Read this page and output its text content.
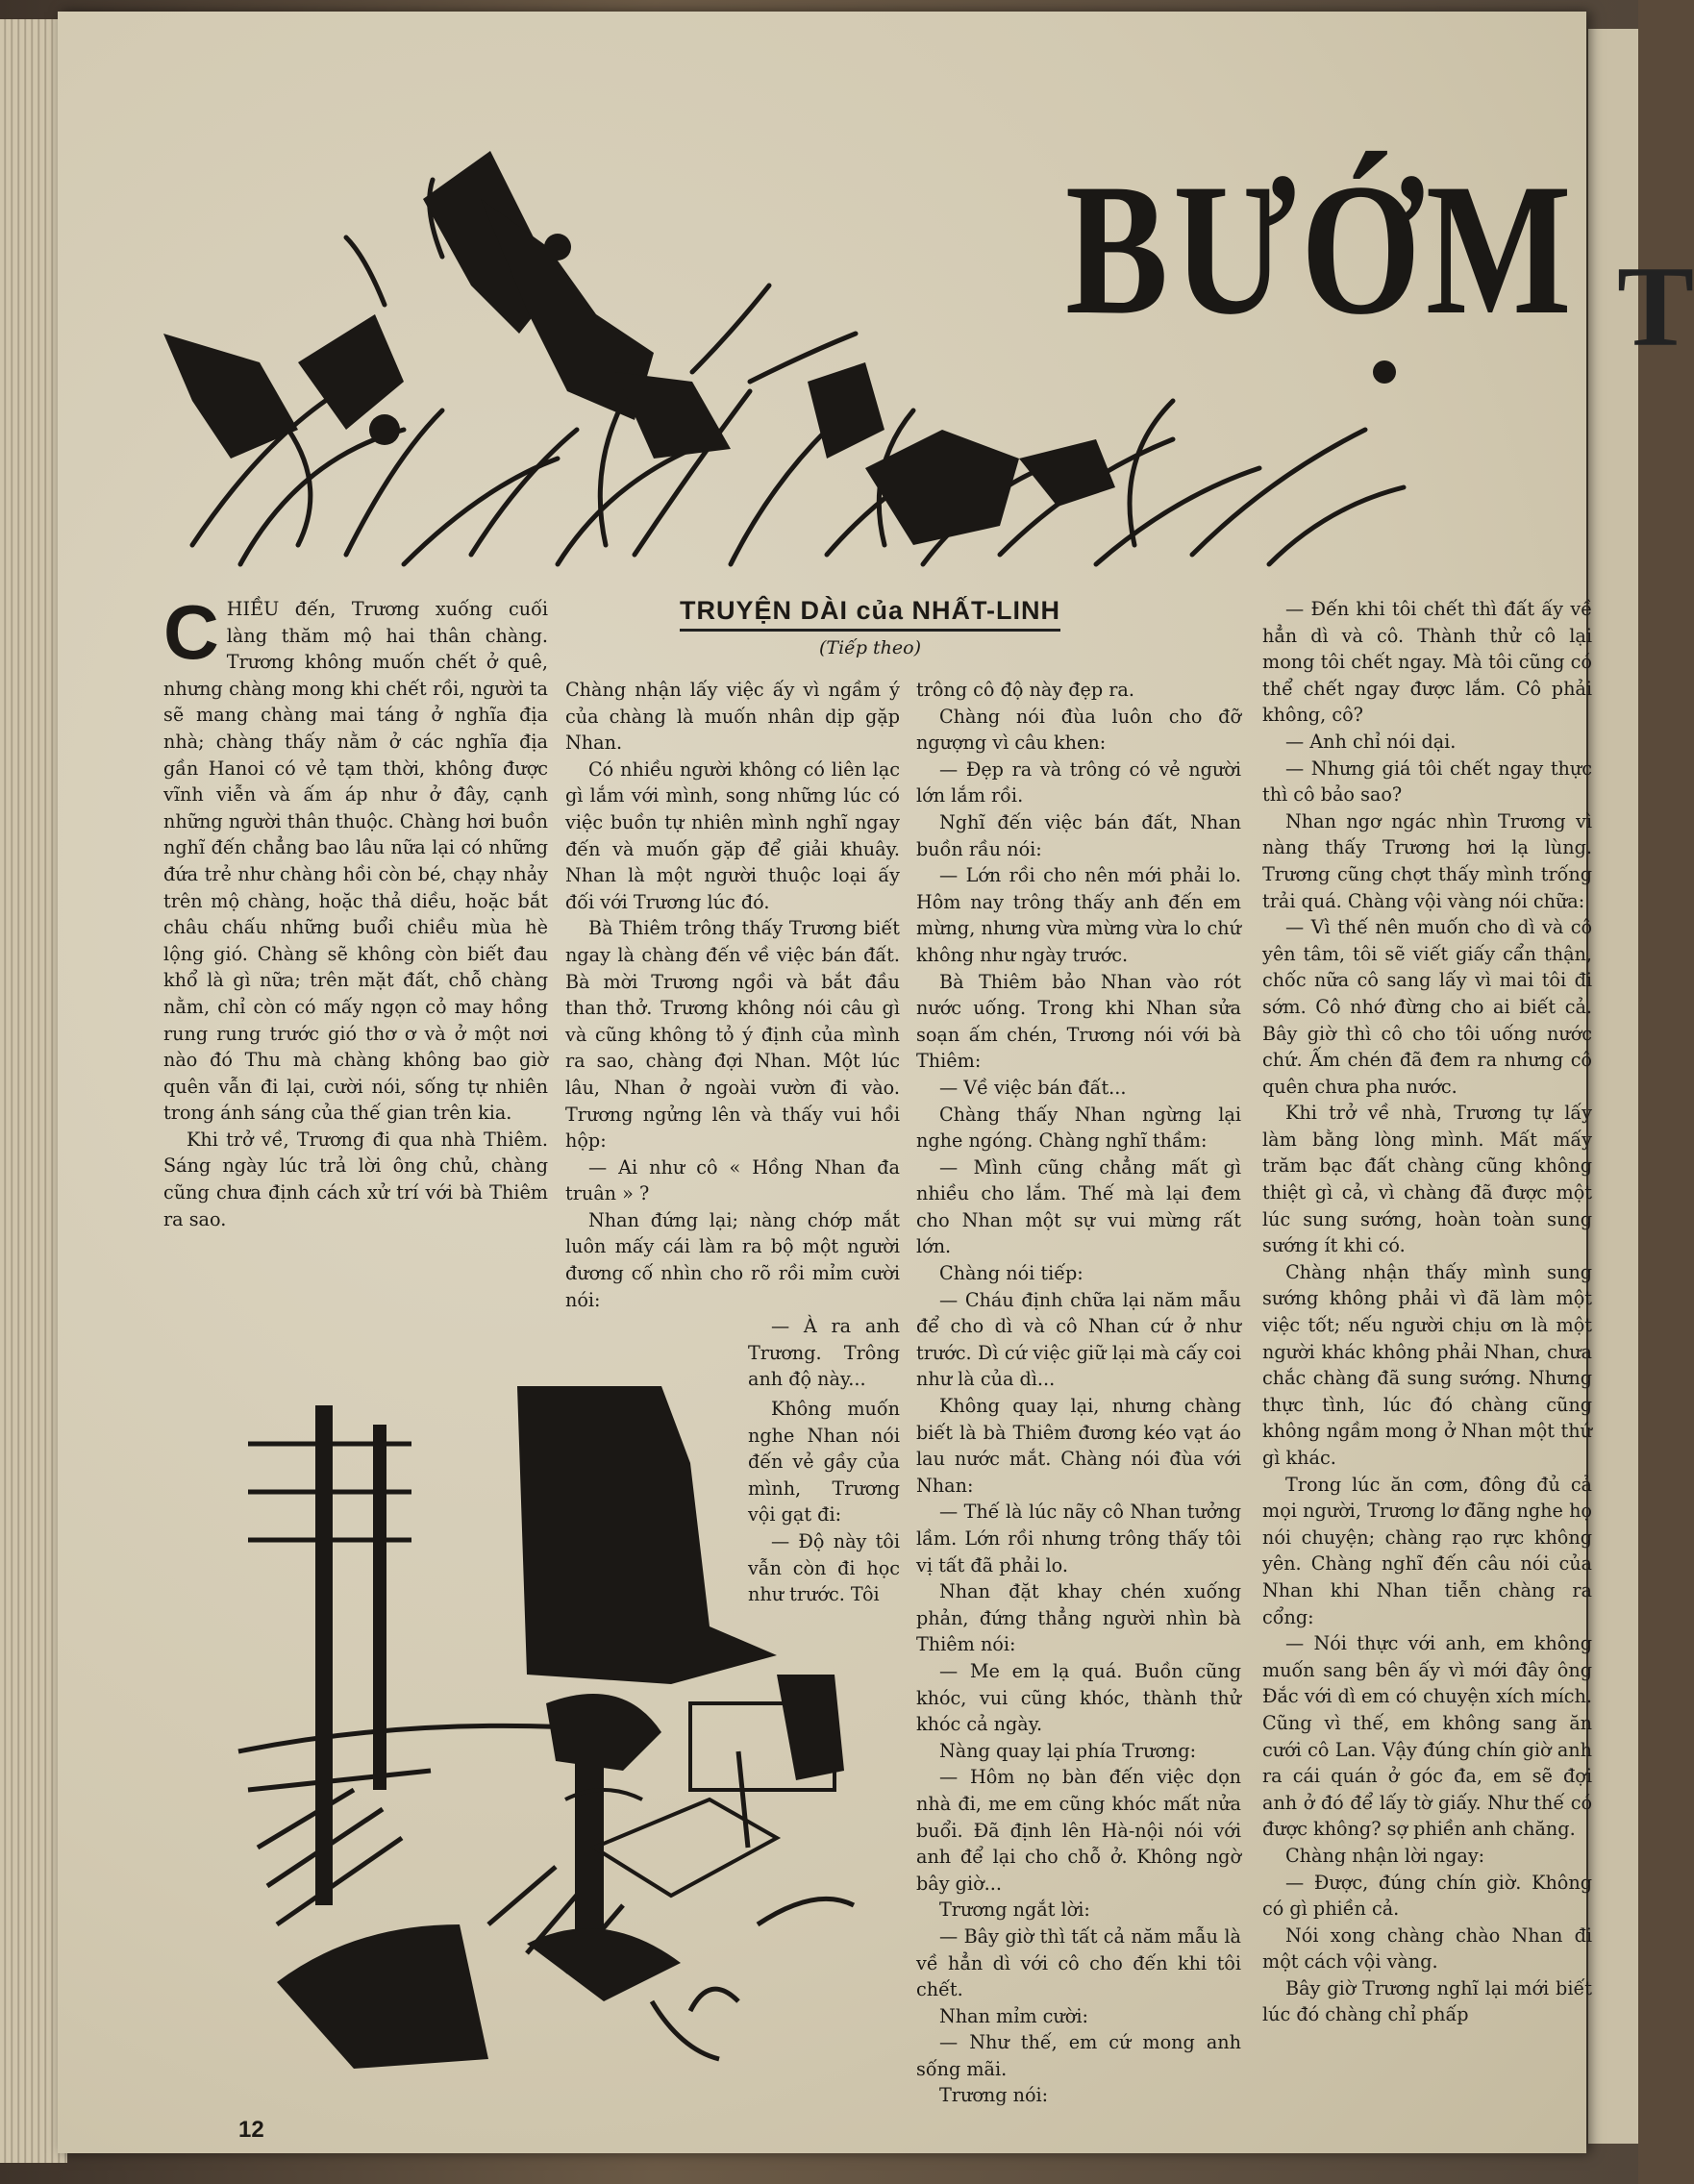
T
BƯỚM
TRUYỆN DÀI của NHẤT-LINH
(Tiếp theo)
C HIỀU đến, Trương xuống cuối làng thăm mộ hai thân chàng. Trương không muốn chết ở quê, nhưng chàng mong khi chết rồi, người ta sẽ mang chàng mai táng ở nghĩa địa nhà; chàng thấy nằm ở các nghĩa địa gần Hanoi có vẻ tạm thời, không được vĩnh viễn và ấm áp như ở đây, cạnh những người thân thuộc. Chàng hơi buồn nghĩ đến chẳng bao lâu nữa lại có những đứa trẻ như chàng hồi còn bé, chạy nhảy trên mộ chàng, hoặc thả diều, hoặc bắt châu chấu những buổi chiều mùa hè lộng gió. Chàng sẽ không còn biết đau khổ là gì nữa; trên mặt đất, chỗ chàng nằm, chỉ còn có mấy ngọn cỏ may hồng rung rung trước gió thơ ơ và ở một nơi nào đó Thu mà chàng không bao giờ quên vẫn đi lại, cười nói, sống tự nhiên trong ánh sáng của thế gian trên kia.

Khi trở về, Trương đi qua nhà Thiêm. Sáng ngày lúc trả lời ông chủ, chàng cũng chưa định cách xử trí với bà Thiêm ra sao.

Chàng nhận lấy việc ấy vì ngầm ý của chàng là muốn nhân dịp gặp Nhan.

Có nhiều người không có liên lạc gì lắm với mình, song những lúc có việc buồn tự nhiên mình nghĩ ngay đến và muốn gặp để giải khuây. Nhan là một người thuộc loại ấy đối với Trương lúc đó.

Bà Thiêm trông thấy Trương biết ngay là chàng đến về việc bán đất. Bà mời Trương ngồi và bắt đầu than thở. Trương không nói câu gì và cũng không tỏ ý định của mình ra sao, chàng đợi Nhan. Một lúc lâu, Nhan ở ngoài vườn đi vào. Trương ngửng lên và thấy vui hồi hộp:

— Ai như cô « Hồng Nhan đa truân » ?

Nhan đứng lại; nàng chớp mắt luôn mấy cái làm ra bộ một người đương cố nhìn cho rõ rồi mỉm cười nói:

— À ra anh Trương. Trông anh độ này...

Không muốn nghe Nhan nói đến vẻ gầy của mình, Trương vội gạt đi:

— Độ này tôi vẫn còn đi học như trước. Tôi

trông cô độ này đẹp ra.

Chàng nói đùa luôn cho đỡ ngượng vì câu khen:

— Đẹp ra và trông có vẻ người lớn lắm rồi.

Nghĩ đến việc bán đất, Nhan buồn rầu nói:

— Lớn rồi cho nên mới phải lo. Hôm nay trông thấy anh đến em mừng, nhưng vừa mừng vừa lo chứ không như ngày trước.

Bà Thiêm bảo Nhan vào rót nước uống. Trong khi Nhan sửa soạn ấm chén, Trương nói với bà Thiêm:

— Về việc bán đất...

Chàng thấy Nhan ngừng lại nghe ngóng. Chàng nghĩ thầm:

— Mình cũng chẳng mất gì nhiều cho lắm. Thế mà lại đem cho Nhan một sự vui mừng rất lớn.

Chàng nói tiếp:

— Cháu định chữa lại năm mẫu để cho dì và cô Nhan cứ ở như trước. Dì cứ việc giữ lại mà cấy coi như là của dì...

Không quay lại, nhưng chàng biết là bà Thiêm đương kéo vạt áo lau nước mắt. Chàng nói đùa với Nhan:

— Thế là lúc nãy cô Nhan tưởng lầm. Lớn rồi nhưng trông thấy tôi vị tất đã phải lo.

Nhan đặt khay chén xuống phản, đứng thẳng người nhìn bà Thiêm nói:

— Me em lạ quá. Buồn cũng khóc, vui cũng khóc, thành thử khóc cả ngày.

Nàng quay lại phía Trương:

— Hôm nọ bàn đến việc dọn nhà đi, me em cũng khóc mất nửa buổi. Đã định lên Hà-nội nói với anh để lại cho chỗ ở. Không ngờ bây giờ...

Trương ngắt lời:

— Bây giờ thì tất cả năm mẫu là về hẳn dì với cô cho đến khi tôi chết.

Nhan mỉm cười:

— Như thế, em cứ mong anh sống mãi.

Trương nói:

— Đến khi tôi chết thì đất ấy về hẳn dì và cô. Thành thử cô lại mong tôi chết ngay. Mà tôi cũng có thể chết ngay được lắm. Cô phải không, cô?

— Anh chỉ nói dại.

— Nhưng giá tôi chết ngay thực thì cô bảo sao?

Nhan ngơ ngác nhìn Trương vì nàng thấy Trương hơi lạ lùng. Trương cũng chợt thấy mình trống trải quá. Chàng vội vàng nói chữa:

— Vì thế nên muốn cho dì và cô yên tâm, tôi sẽ viết giấy cẩn thận, chốc nữa cô sang lấy vì mai tôi đi sớm. Cô nhớ đừng cho ai biết cả. Bây giờ thì cô cho tôi uống nước chứ. Ấm chén đã đem ra nhưng cô quên chưa pha nước.

Khi trở về nhà, Trương tự lấy làm bằng lòng mình. Mất mấy trăm bạc đất chàng cũng không thiệt gì cả, vì chàng đã được một lúc sung sướng, hoàn toàn sung sướng ít khi có.

Chàng nhận thấy mình sung sướng không phải vì đã làm một việc tốt; nếu người chịu ơn là một người khác không phải Nhan, chưa chắc chàng đã sung sướng. Nhưng thực tình, lúc đó chàng cũng không ngầm mong ở Nhan một thứ gì khác.

Trong lúc ăn cơm, đông đủ cả mọi người, Trương lơ đãng nghe họ nói chuyện; chàng rạo rực không yên. Chàng nghĩ đến câu nói của Nhan khi Nhan tiễn chàng ra cổng:

— Nói thực với anh, em không muốn sang bên ấy vì mới đây ông Đắc với dì em có chuyện xích mích. Cũng vì thế, em không sang ăn cưới cô Lan. Vậy đúng chín giờ anh ra cái quán ở góc đa, em sẽ đợi anh ở đó để lấy tờ giấy. Như thế có được không? sợ phiền anh chăng.

Chàng nhận lời ngay:

— Được, đúng chín giờ. Không có gì phiền cả.

Nói xong chàng chào Nhan đi một cách vội vàng.

Bây giờ Trương nghĩ lại mới biết lúc đó chàng chỉ phấp

12
